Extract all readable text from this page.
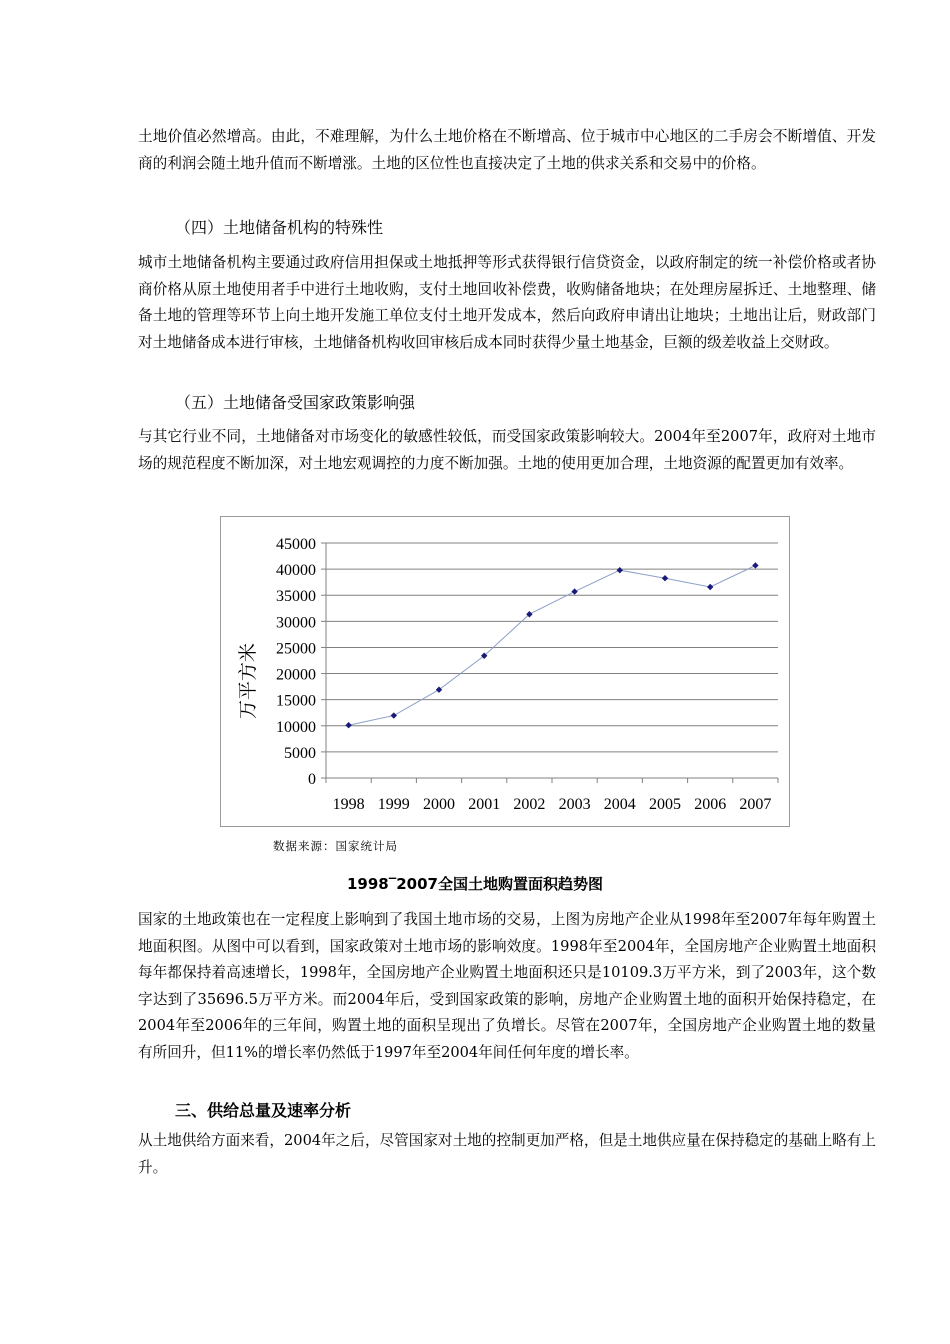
土地价值必然增高。由此，不难理解，为什么土地价格在不断增高、位于城市中心地区的二手房会不断增值、开发商的利润会随土地升值而不断增涨。土地的区位性也直接决定了土地的供求关系和交易中的价格。

（四）土地储备机构的特殊性

城市土地储备机构主要通过政府信用担保或土地抵押等形式获得银行信贷资金，以政府制定的统一补偿价格或者协商价格从原土地使用者手中进行土地收购，支付土地回收补偿费，收购储备地块；在处理房屋拆迁、土地整理、储备土地的管理等环节上向土地开发施工单位支付土地开发成本，然后向政府申请出让地块；土地出让后，财政部门对土地储备成本进行审核，土地储备机构收回审核后成本同时获得少量土地基金，巨额的级差收益上交财政。

（五）土地储备受国家政策影响强

与其它行业不同，土地储备对市场变化的敏感性较低，而受国家政策影响较大。2004年至2007年，政府对土地市场的规范程度不断加深，对土地宏观调控的力度不断加强。土地的使用更加合理，土地资源的配置更加有效率。

0
5000
10000
15000
20000
25000
30000
35000
40000
45000
1998 1999 2000 2001 2002 2003 2004 2005 2006 2007
万平方米

数据来源：国家统计局

1998‾2007全国土地购置面积趋势图

国家的土地政策也在一定程度上影响到了我国土地市场的交易，上图为房地产企业从1998年至2007年每年购置土地面积图。从图中可以看到，国家政策对土地市场的影响效度。1998年至2004年，全国房地产企业购置土地面积每年都保持着高速增长，1998年，全国房地产企业购置土地面积还只是10109.3万平方米，到了2003年，这个数字达到了35696.5万平方米。而2004年后，受到国家政策的影响，房地产企业购置土地的面积开始保持稳定，在2004年至2006年的三年间，购置土地的面积呈现出了负增长。尽管在2007年，全国房地产企业购置土地的数量有所回升，但11%的增长率仍然低于1997年至2004年间任何年度的增长率。

三、供给总量及速率分析

从土地供给方面来看，2004年之后，尽管国家对土地的控制更加严格，但是土地供应量在保持稳定的基础上略有上升。
